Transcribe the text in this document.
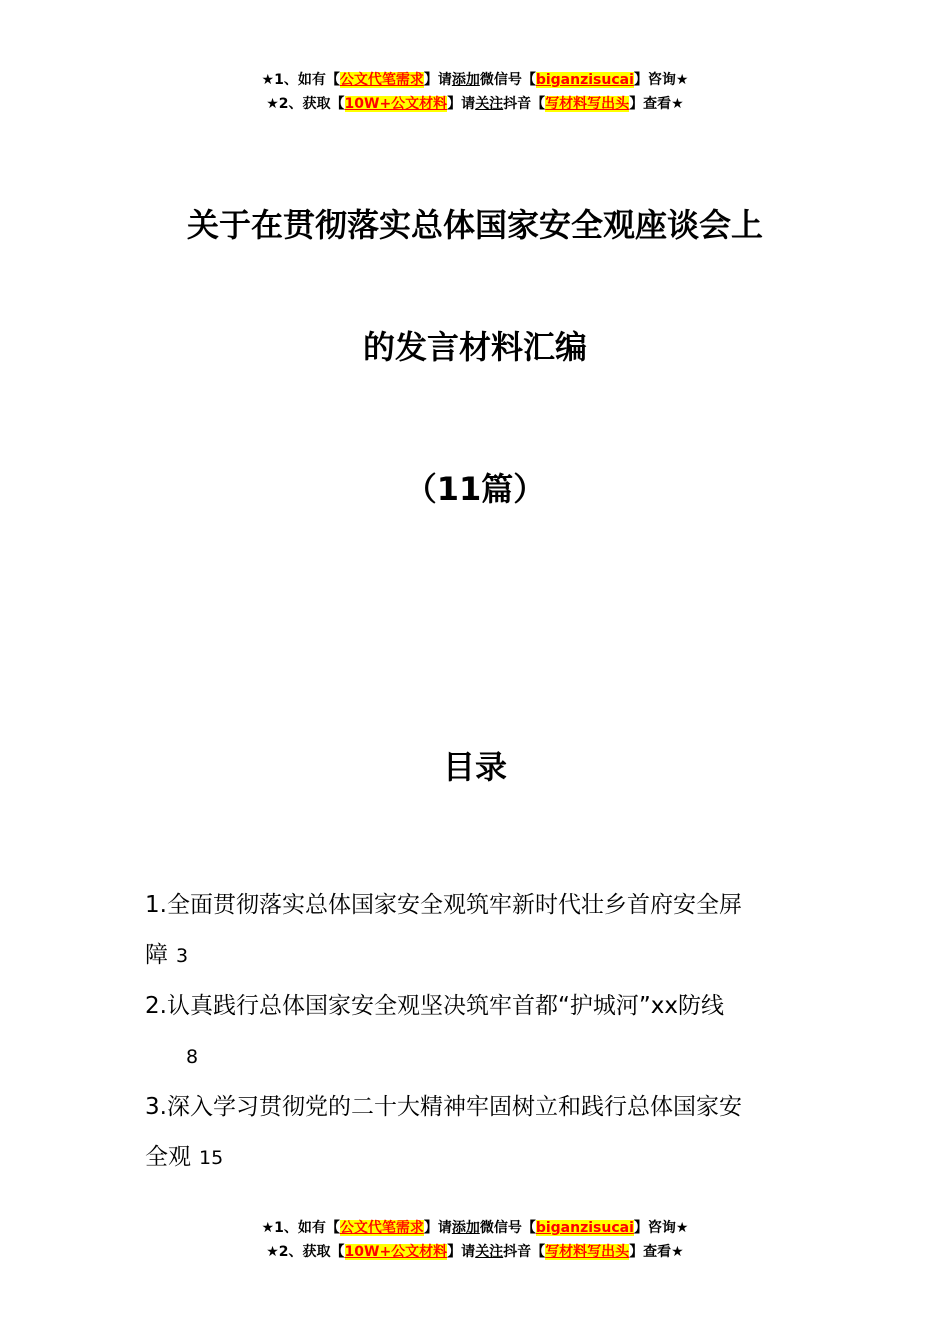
★1、如有【公文代笔需求】请添加微信号【biganzisucai】咨询★
★2、获取【10W+公文材料】请关注抖音【写材料写出头】查看★
关于在贯彻落实总体国家安全观座谈会上
的发言材料汇编
（11篇）
目录
1.全面贯彻落实总体国家安全观筑牢新时代壮乡首府安全屏
障 3
2.认真践行总体国家安全观坚决筑牢首都“护城河”xx防线
8
3.深入学习贯彻党的二十大精神牢固树立和践行总体国家安
全观 15
★1、如有【公文代笔需求】请添加微信号【biganzisucai】咨询★
★2、获取【10W+公文材料】请关注抖音【写材料写出头】查看★
